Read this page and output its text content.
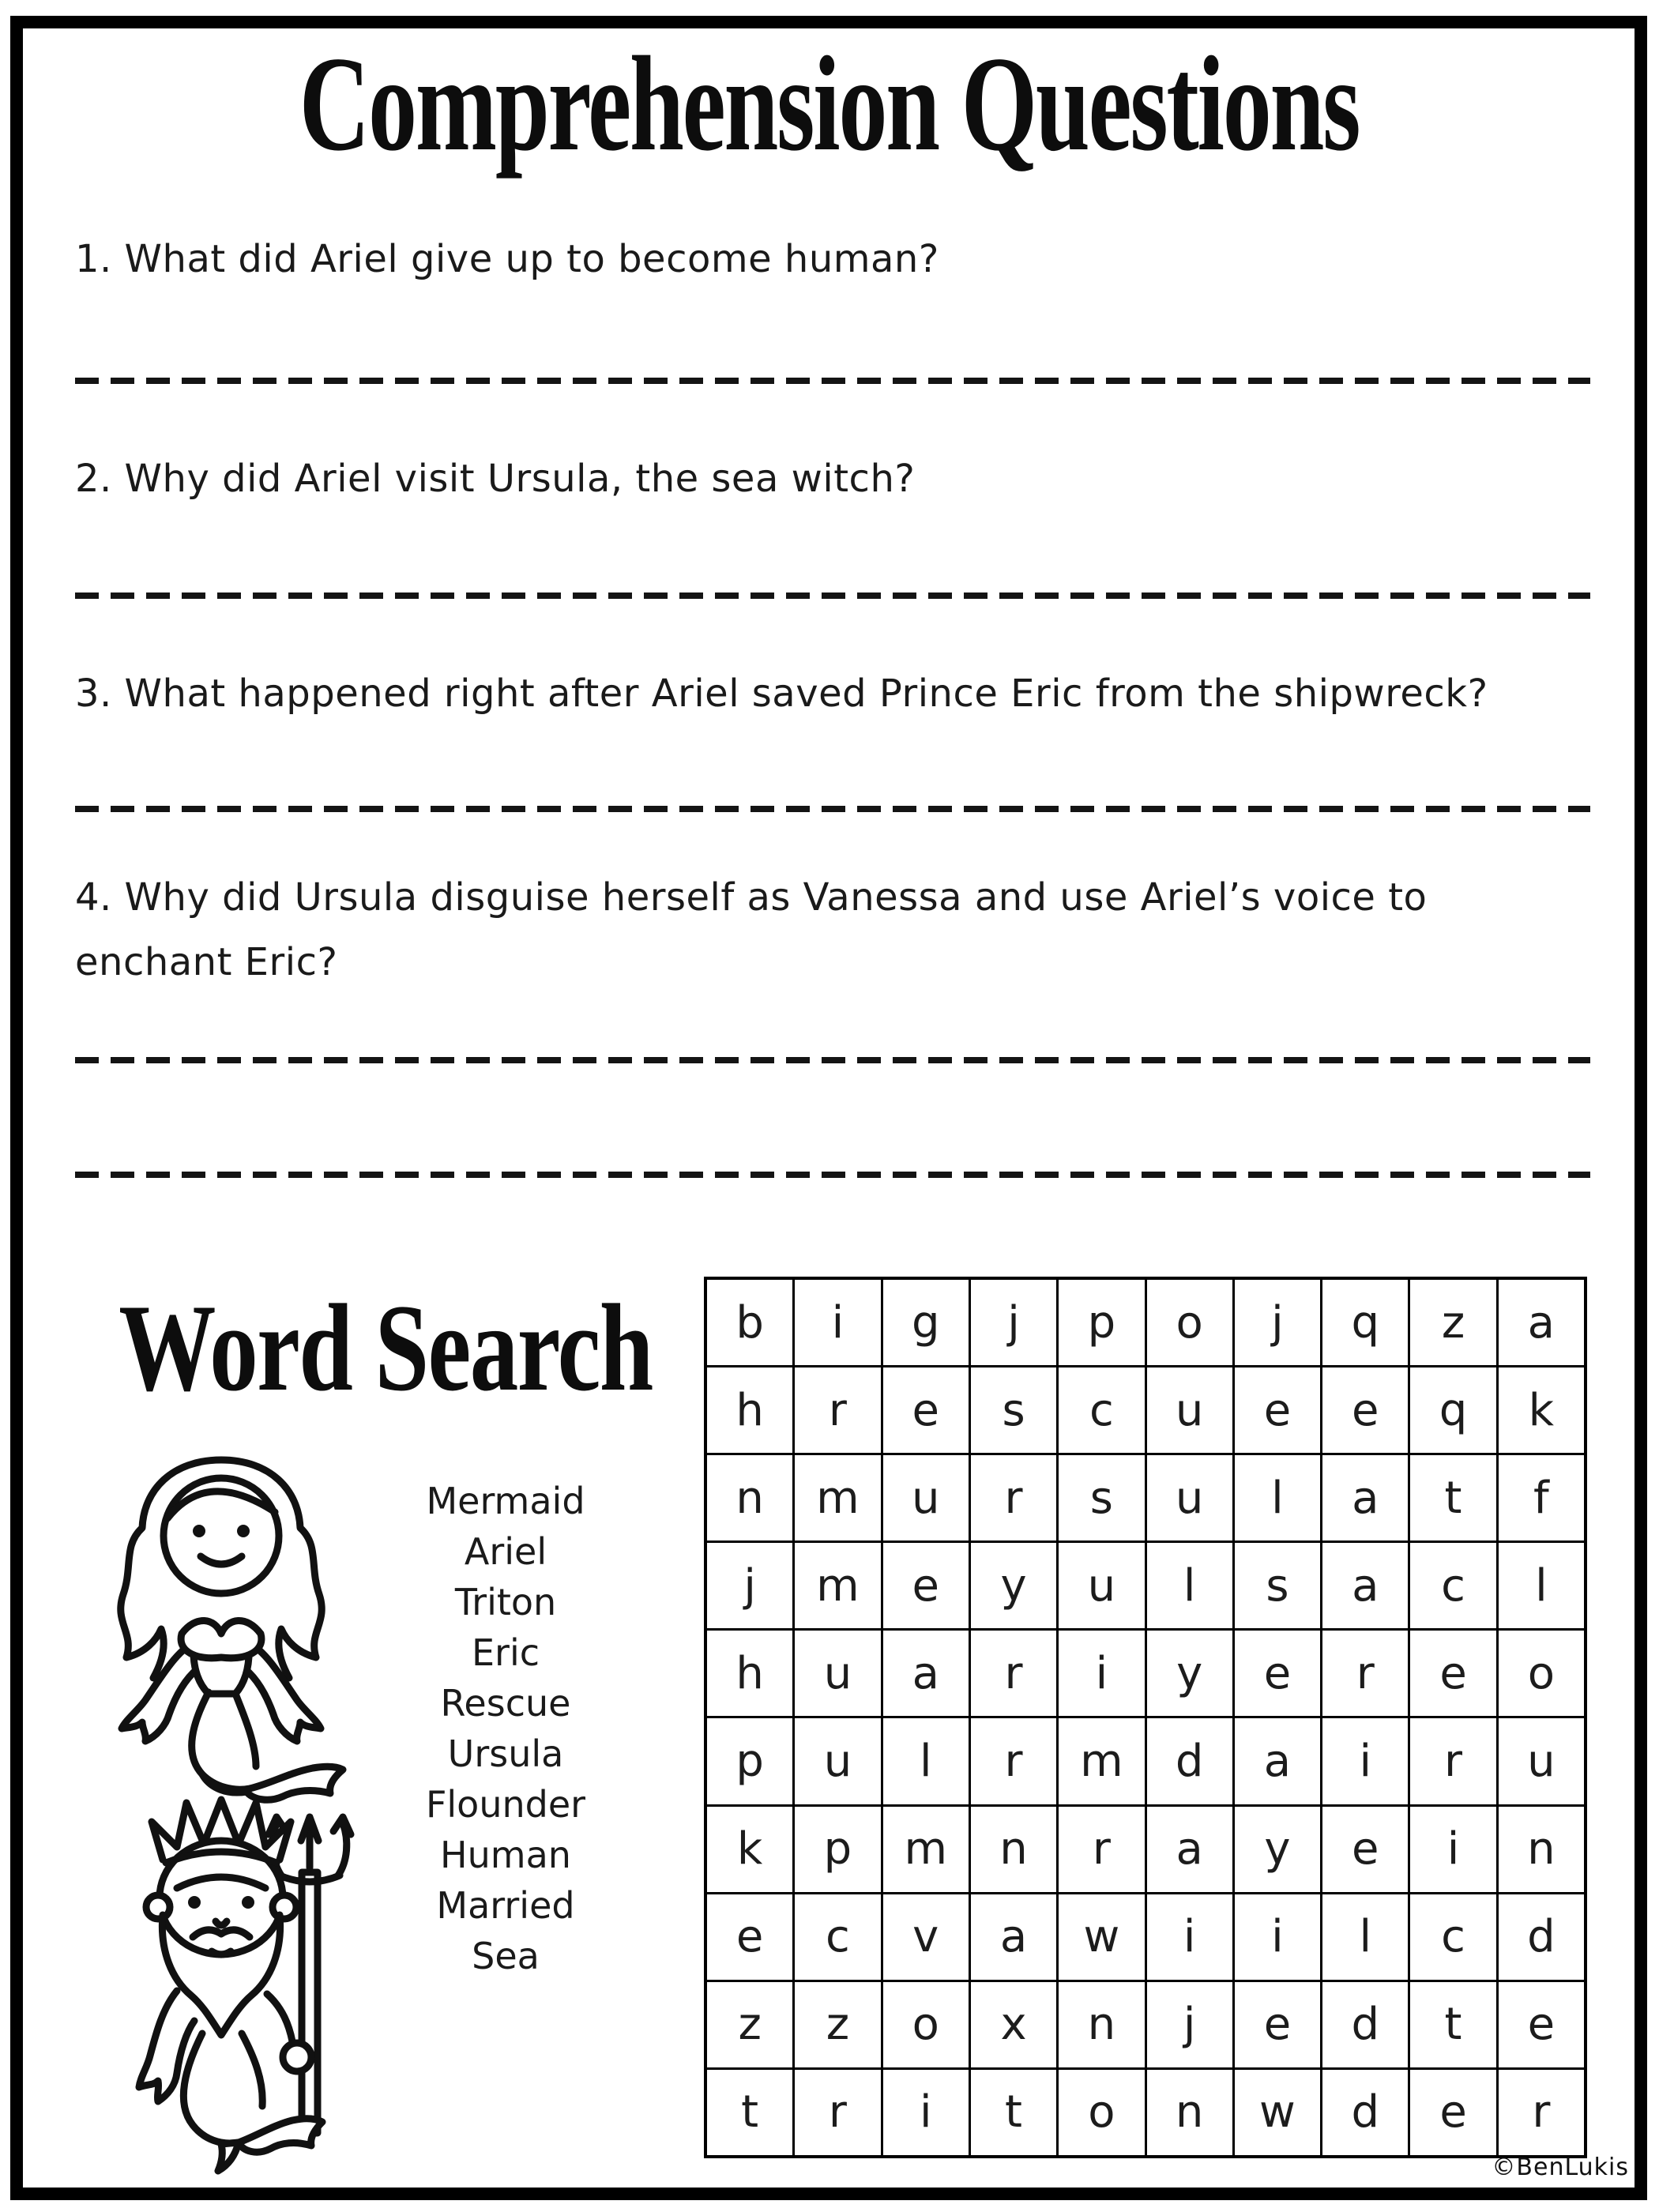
Comprehension Questions
1. What did Ariel give up to become human?
2. Why did Ariel visit Ursula, the sea witch?
3. What happened right after Ariel saved Prince Eric from the shipwreck?
4. Why did Ursula disguise herself as Vanessa and use Ariel’s voice to enchant Eric?
Word Search
Mermaid
Ariel
Triton
Eric
Rescue
Ursula
Flounder
Human
Married
Sea
b	i	g	j	p	o	j	q	z	a
h	r	e	s	c	u	e	e	q	k
n	m	u	r	s	u	l	a	t	f
j	m	e	y	u	l	s	a	c	l
h	u	a	r	i	y	e	r	e	o
p	u	l	r	m	d	a	i	r	u
k	p	m	n	r	a	y	e	i	n
e	c	v	a	w	i	i	l	c	d
z	z	o	x	n	j	e	d	t	e
t	r	i	t	o	n	w	d	e	r
©BenLukis
